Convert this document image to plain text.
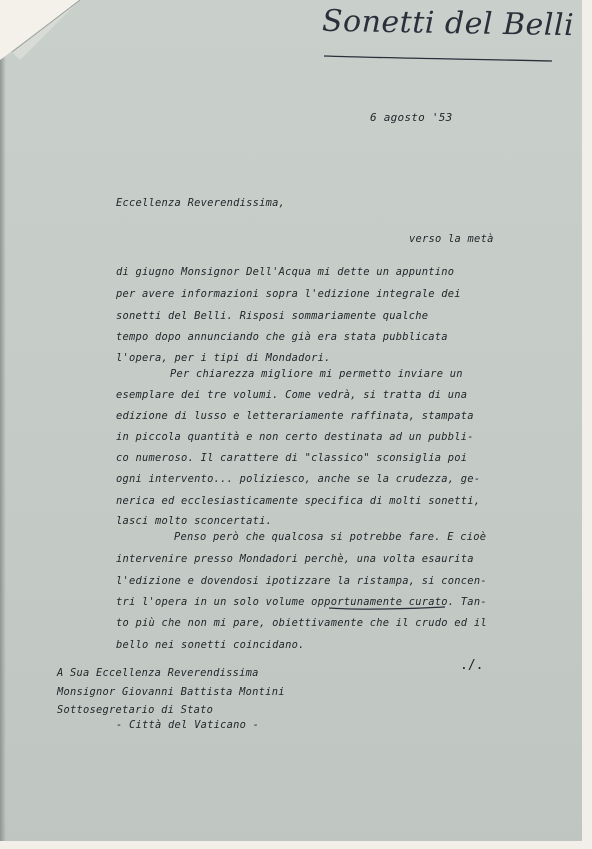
Sonetti del Belli
6 agosto '53
Eccellenza Reverendissima,
verso la metà
di giugno Monsignor Dell'Acqua mi dette un appuntino
per avere informazioni sopra l'edizione integrale dei
sonetti del Belli. Risposi sommariamente qualche
tempo dopo annunciando che già era stata pubblicata
l'opera, per i tipi di Mondadori.
Per chiarezza migliore mi permetto inviare un
esemplare dei tre volumi. Come vedrà, si tratta di una
edizione di lusso e letterariamente raffinata, stampata
in piccola quantità e non certo destinata ad un pubbli-
co numeroso. Il carattere di "classico" sconsiglia poi
ogni intervento... poliziesco, anche se la crudezza, ge-
nerica ed ecclesiasticamente specifica di molti sonetti,
lasci molto sconcertati.
Penso però che qualcosa si potrebbe fare. E cioè
intervenire presso Mondadori perchè, una volta esaurita
l'edizione e dovendosi ipotizzare la ristampa, si concen-
tri l'opera in un solo volume opportunamente curato. Tan-
to più che non mi pare, obiettivamente che il crudo ed il
bello nei sonetti coincidano.
./.
A Sua Eccellenza Reverendissima
Monsignor Giovanni Battista Montini
Sottosegretario di Stato
- Città del Vaticano -
